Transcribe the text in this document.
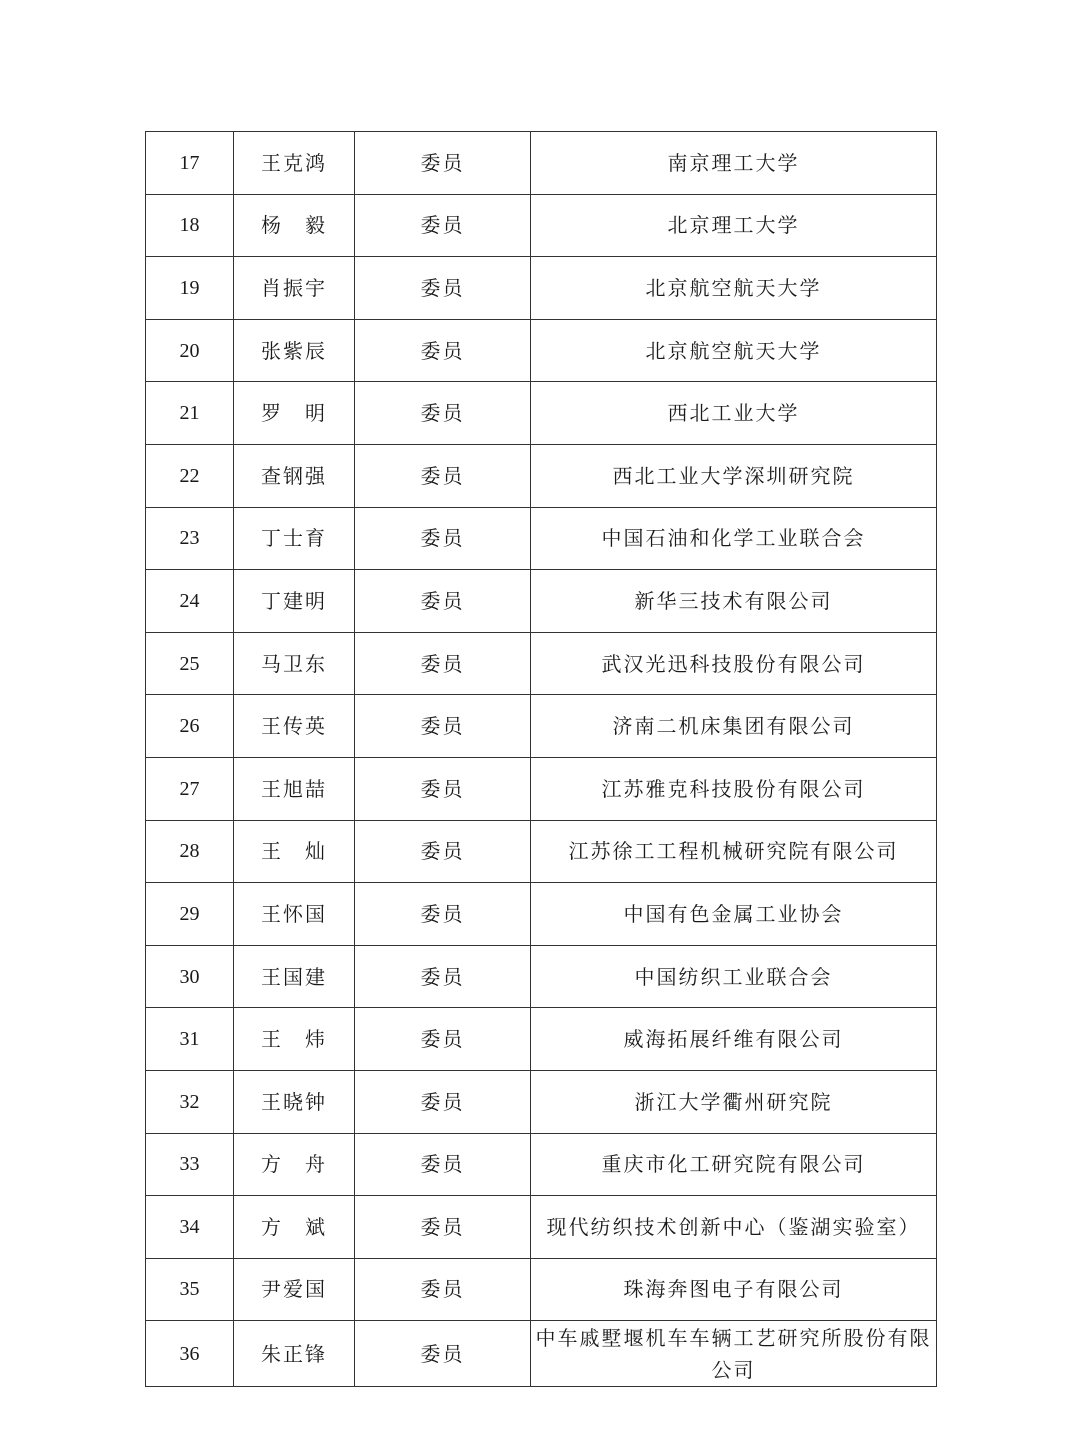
17	王克鸿	委员	南京理工大学
18	杨　毅	委员	北京理工大学
19	肖振宇	委员	北京航空航天大学
20	张紫辰	委员	北京航空航天大学
21	罗　明	委员	西北工业大学
22	查钢强	委员	西北工业大学深圳研究院
23	丁士育	委员	中国石油和化学工业联合会
24	丁建明	委员	新华三技术有限公司
25	马卫东	委员	武汉光迅科技股份有限公司
26	王传英	委员	济南二机床集团有限公司
27	王旭喆	委员	江苏雅克科技股份有限公司
28	王　灿	委员	江苏徐工工程机械研究院有限公司
29	王怀国	委员	中国有色金属工业协会
30	王国建	委员	中国纺织工业联合会
31	王　炜	委员	威海拓展纤维有限公司
32	王晓钟	委员	浙江大学衢州研究院
33	方　舟	委员	重庆市化工研究院有限公司
34	方　斌	委员	现代纺织技术创新中心（鉴湖实验室）
35	尹爱国	委员	珠海奔图电子有限公司
36	朱正锋	委员	中车戚墅堰机车车辆工艺研究所股份有限公司
